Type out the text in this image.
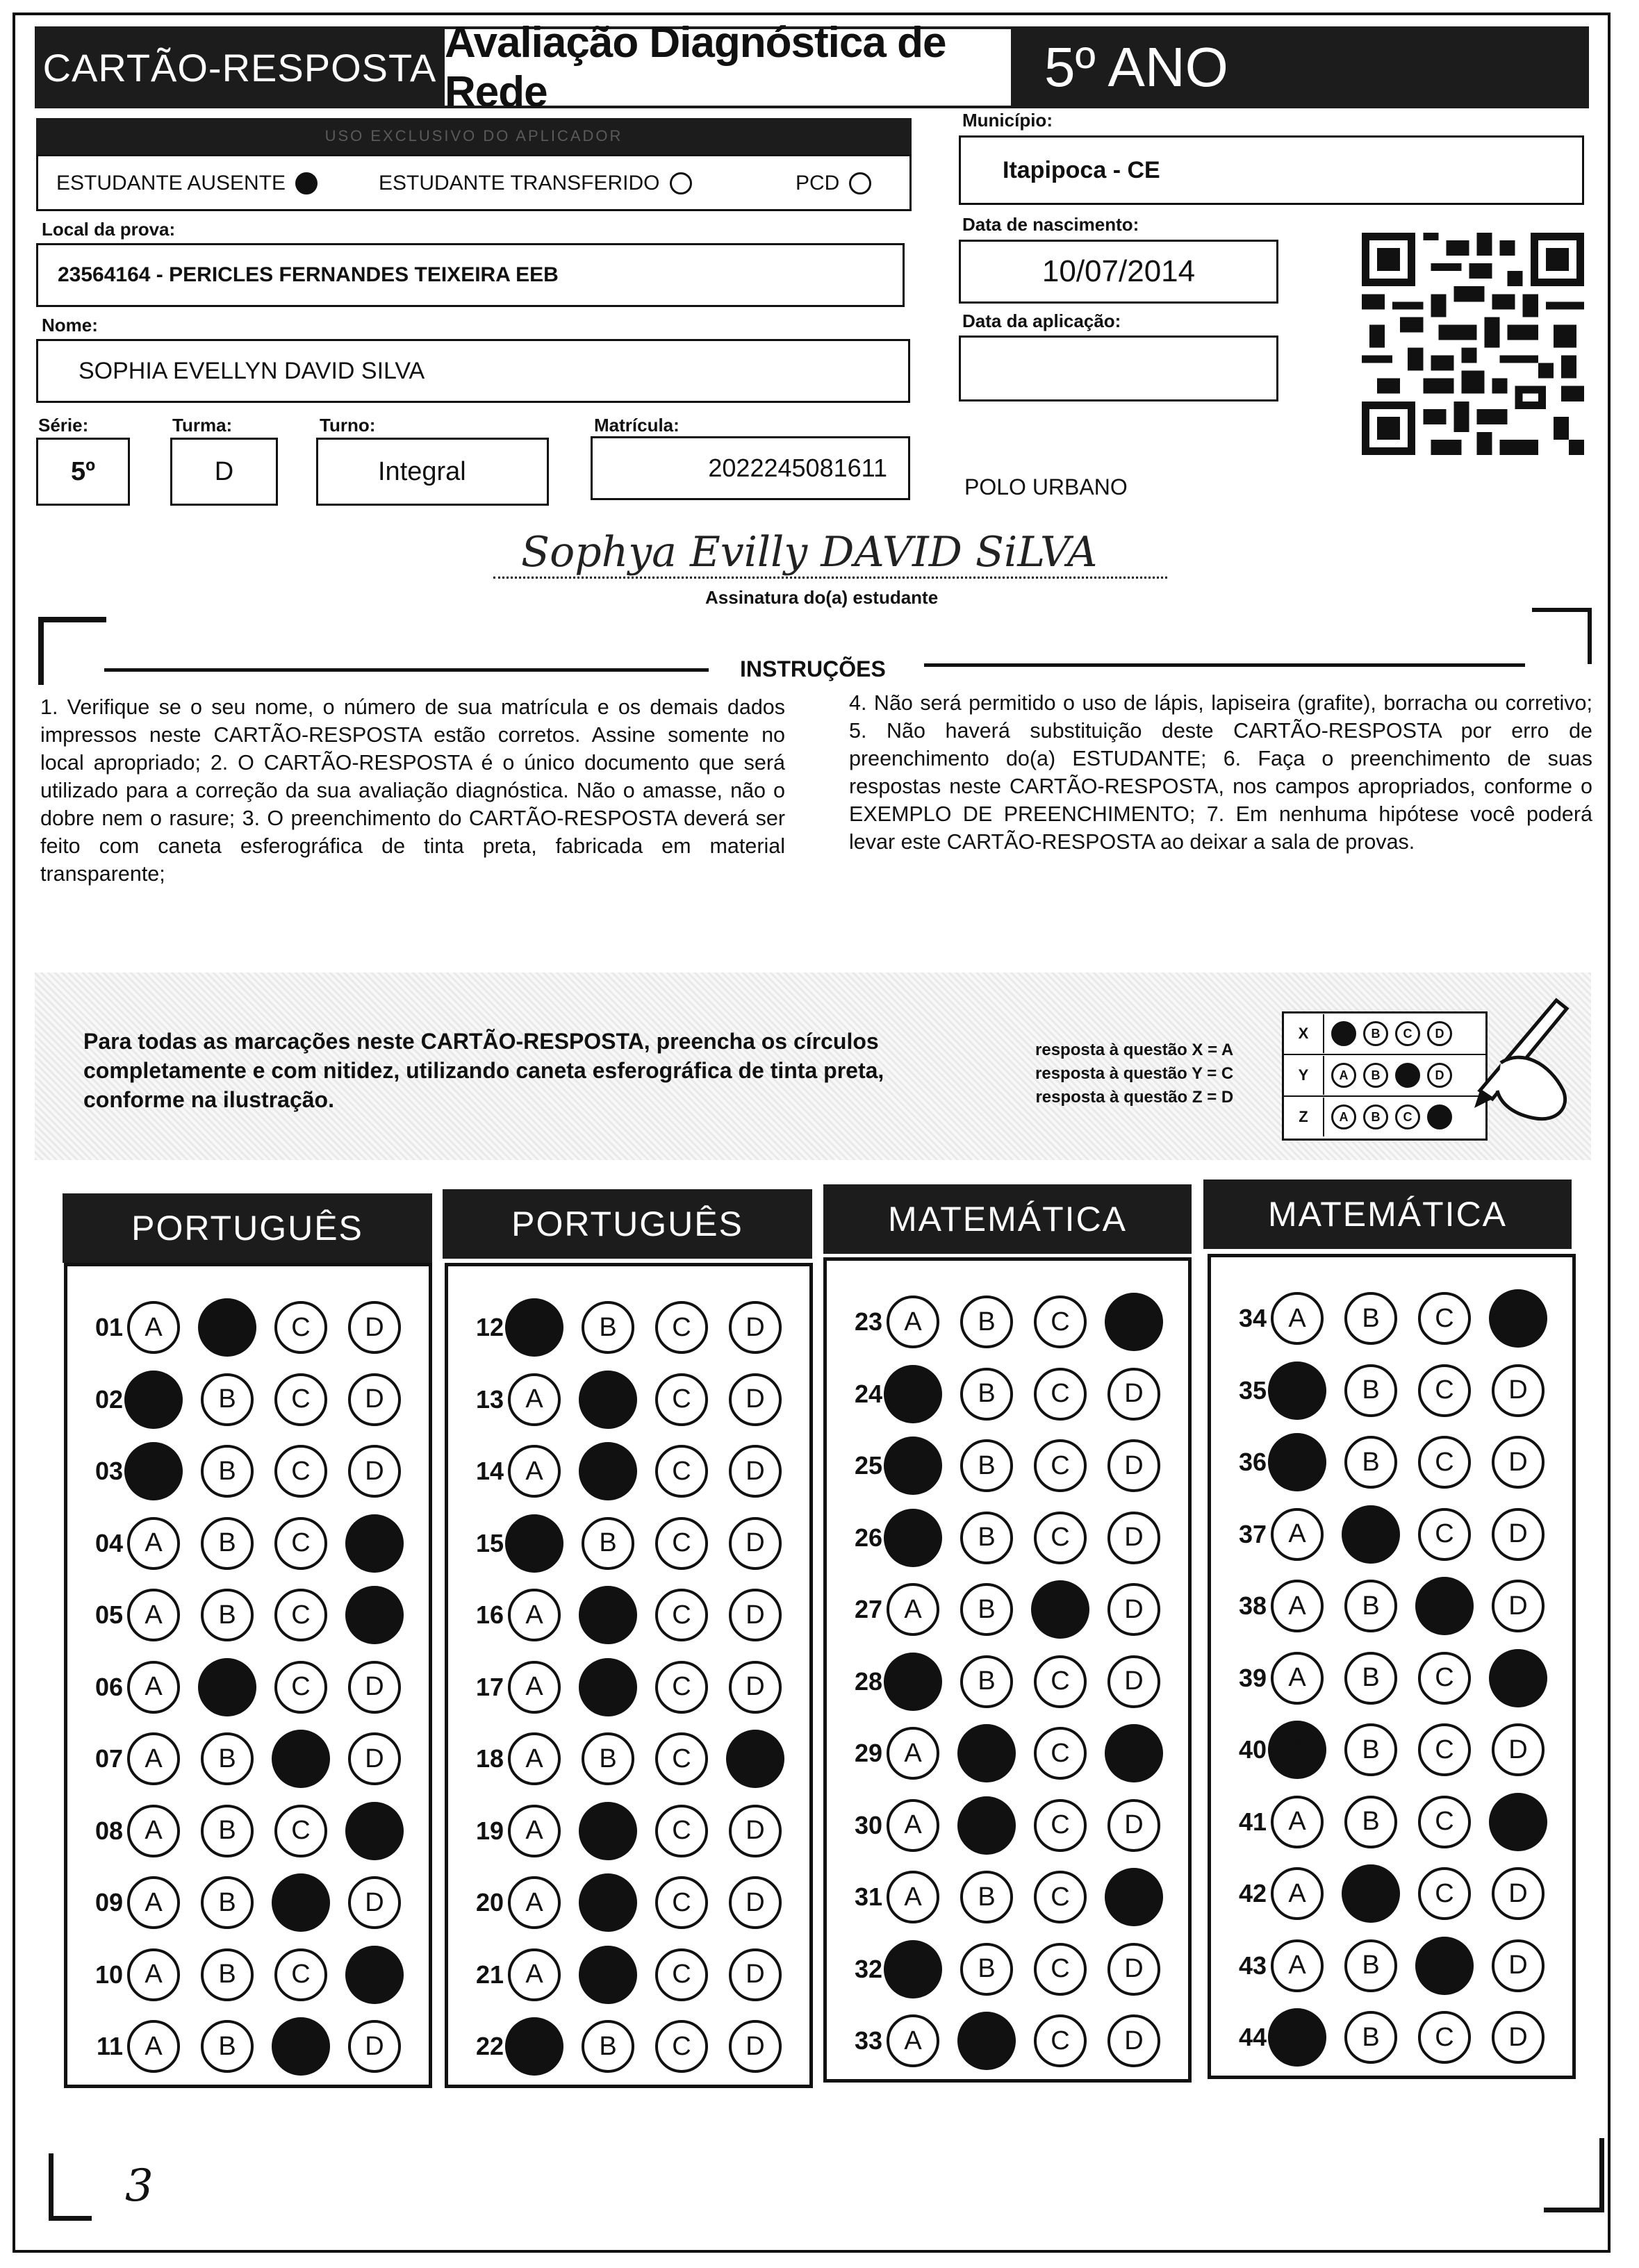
CARTÃO-RESPOSTA
Avaliação Diagnóstica de Rede	5º ANO
USO EXCLUSIVO DO APLICADOR
ESTUDANTE AUSENTE	ESTUDANTE TRANSFERIDO	PCD
Município:
Itapipoca - CE
Local da prova:
23564164 - PERICLES FERNANDES TEIXEIRA EEB
Data de nascimento:
10/07/2014
Data da aplicação:
Nome:
SOPHIA EVELLYN DAVID SILVA
Série:
5º
Turma:
D
Turno:
Integral
Matrícula:
2022245081611
POLO URBANO
Sophya Evilly DAVID SiLVA
Assinatura do(a) estudante
INSTRUÇÕES
1. Verifique se o seu nome, o número de sua matrícula e os demais dados impressos neste CARTÃO-RESPOSTA estão corretos. Assine somente no local apropriado; 2. O CARTÃO-RESPOSTA é o único documento que será utilizado para a correção da sua avaliação diagnóstica. Não o amasse, não o dobre nem o rasure; 3. O preenchimento do CARTÃO-RESPOSTA deverá ser feito com caneta esferográfica de tinta preta, fabricada em material transparente;
4. Não será permitido o uso de lápis, lapiseira (grafite), borracha ou corretivo; 5. Não haverá substituição deste CARTÃO-RESPOSTA por erro de preenchimento do(a) ESTUDANTE; 6. Faça o preenchimento de suas respostas neste CARTÃO-RESPOSTA, nos campos apropriados, conforme o EXEMPLO DE PREENCHIMENTO; 7. Em nenhuma hipótese você poderá levar este CARTÃO-RESPOSTA ao deixar a sala de provas.
Para todas as marcações neste CARTÃO-RESPOSTA, preencha os círculos completamente e com nitidez, utilizando caneta esferográfica de tinta preta, conforme na ilustração.
resposta à questão X = A
resposta à questão Y = C
resposta à questão Z = D
X	B	C	D
Y	A	B	D
Z	A	B	C
PORTUGUÊS	PORTUGUÊS	MATEMÁTICA	MATEMÁTICA
01 A	B	C	D
02 A	B	C	D
03 A	B	C	D
04 A	B	C	D
05 A	B	C	D
06 A	B	C	D
07 A	B	C	D
08 A	B	C	D
09 A	B	C	D
10 A	B	C	D
11 A	B	C	D
12 A	B	C	D
13 A	B	C	D
14 A	B	C	D
15 A	B	C	D
16 A	B	C	D
17 A	B	C	D
18 A	B	C	D
19 A	B	C	D
20 A	B	C	D
21 A	B	C	D
22 A	B	C	D
23 A	B	C	D
24 A	B	C	D
25 A	B	C	D
26 A	B	C	D
27 A	B	C	D
28 A	B	C	D
29 A	B	C	D
30 A	B	C	D
31 A	B	C	D
32 A	B	C	D
33 A	B	C	D
34 A	B	C	D
35 A	B	C	D
36 A	B	C	D
37 A	B	C	D
38 A	B	C	D
39 A	B	C	D
40 A	B	C	D
41 A	B	C	D
42 A	B	C	D
43 A	B	C	D
44 A	B	C	D
3
